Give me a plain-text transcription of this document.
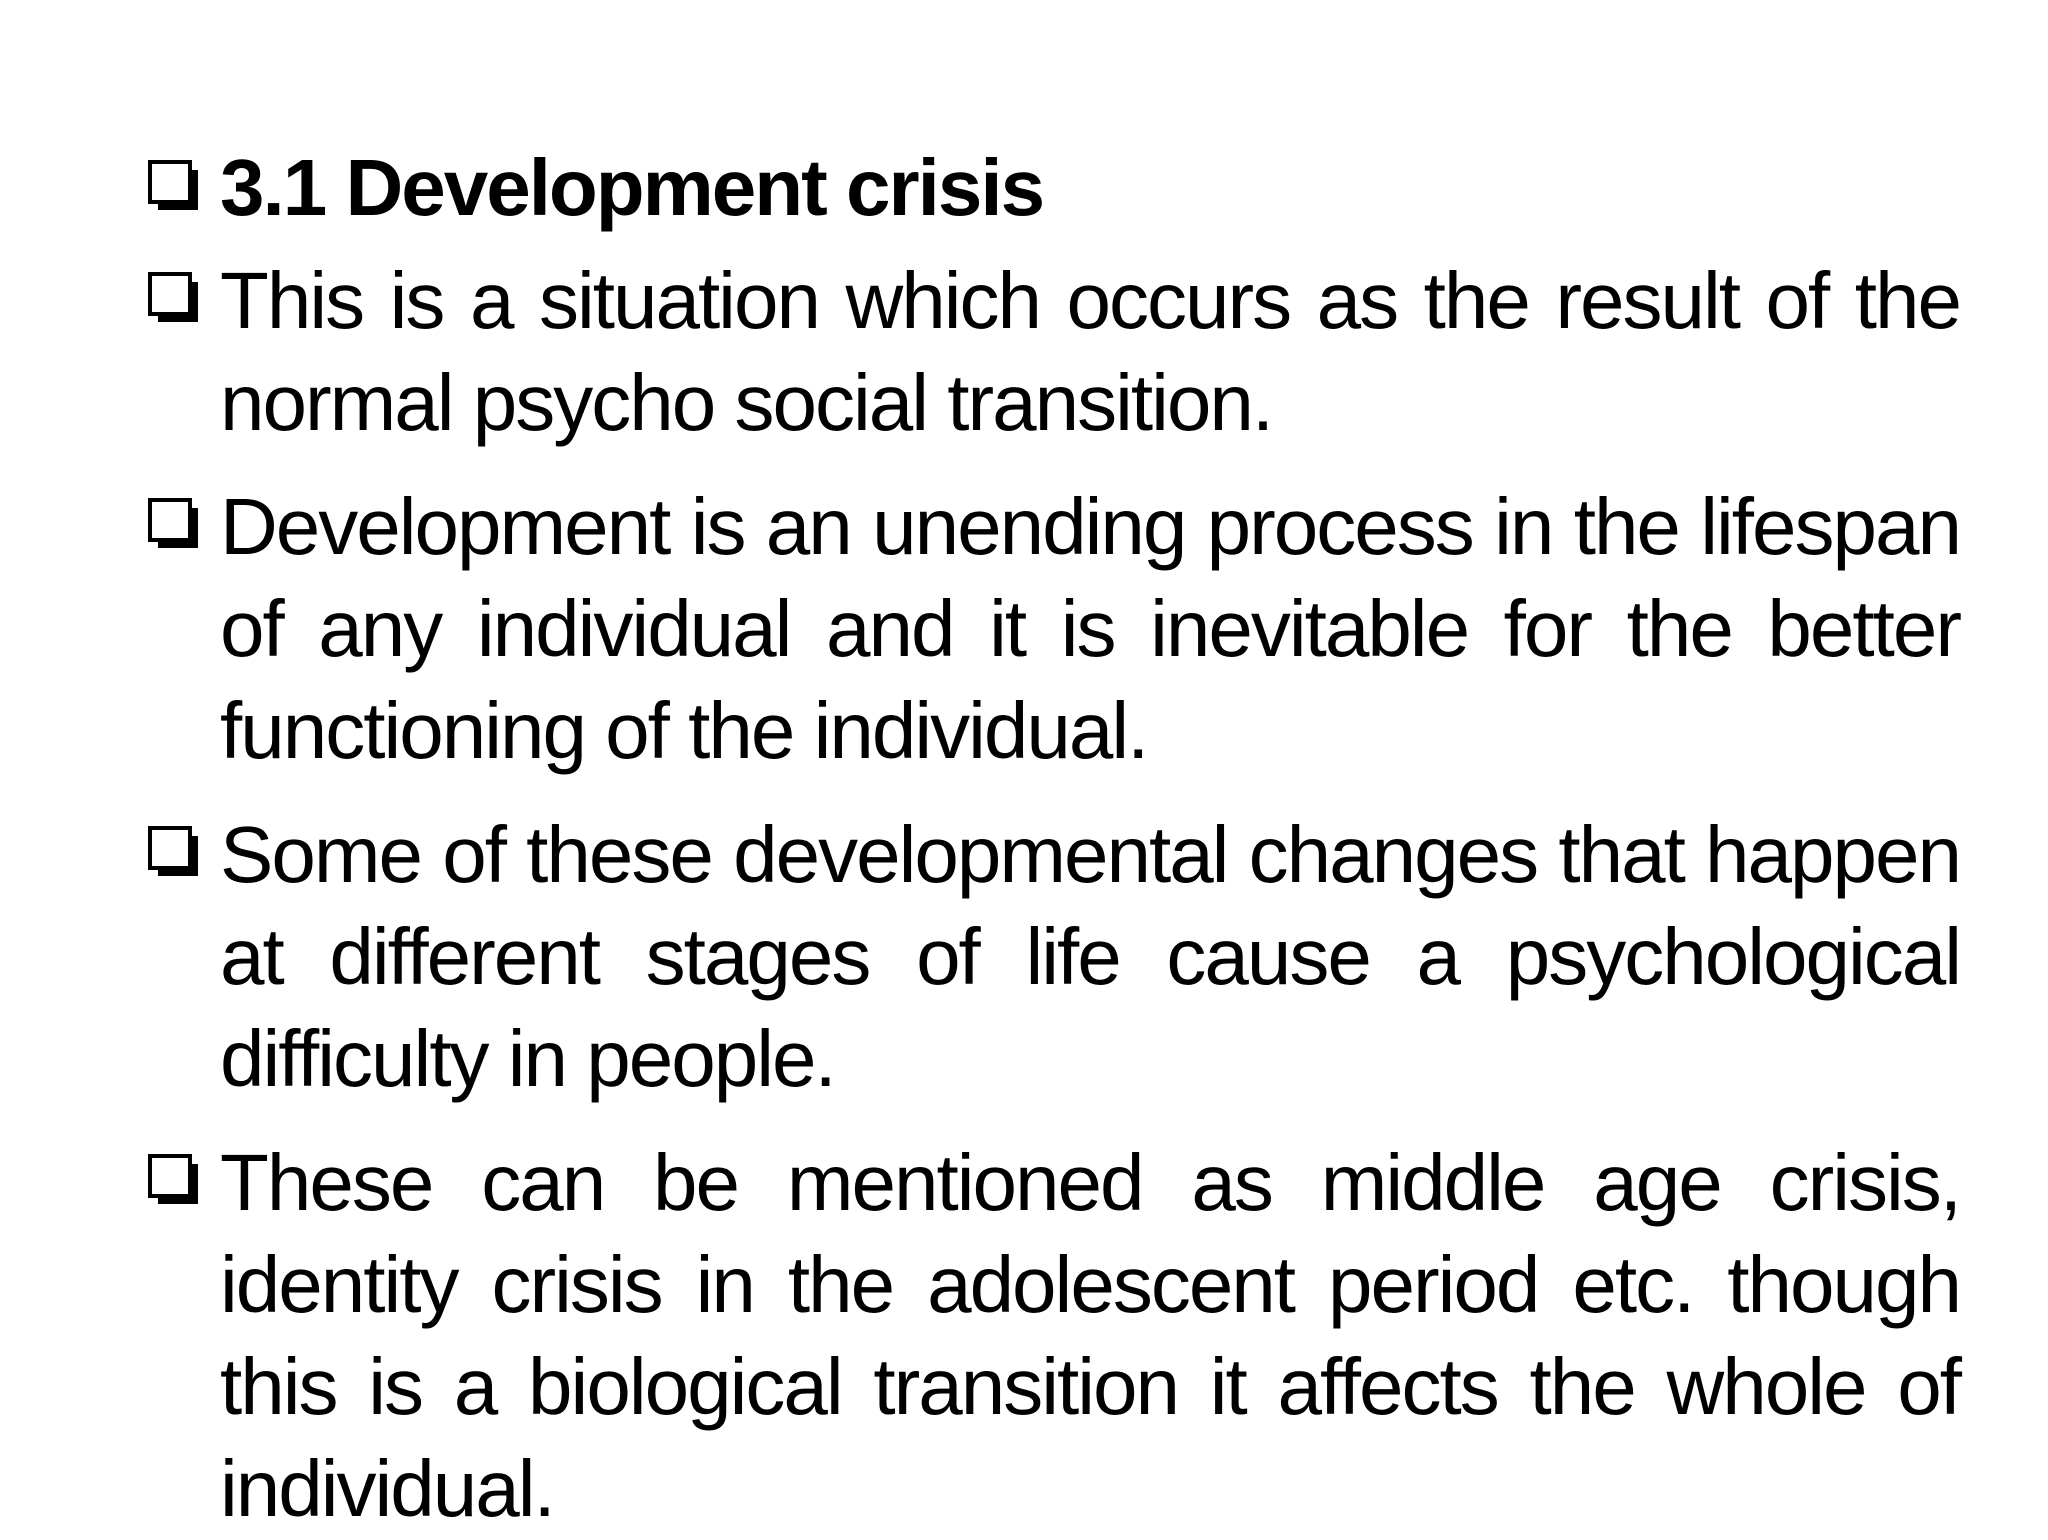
3.1 Development crisis
This is a situation which occurs as the result of the normal psycho social transition.
Development is an unending process in the lifespan of any individual and it is inevitable for the better functioning of the individual.
Some of these developmental changes that happen at different stages of life cause a psychological difficulty in people.
These can be mentioned as middle age crisis, identity crisis in the adolescent period etc. though this is a biological transition it affects the whole of individual.
